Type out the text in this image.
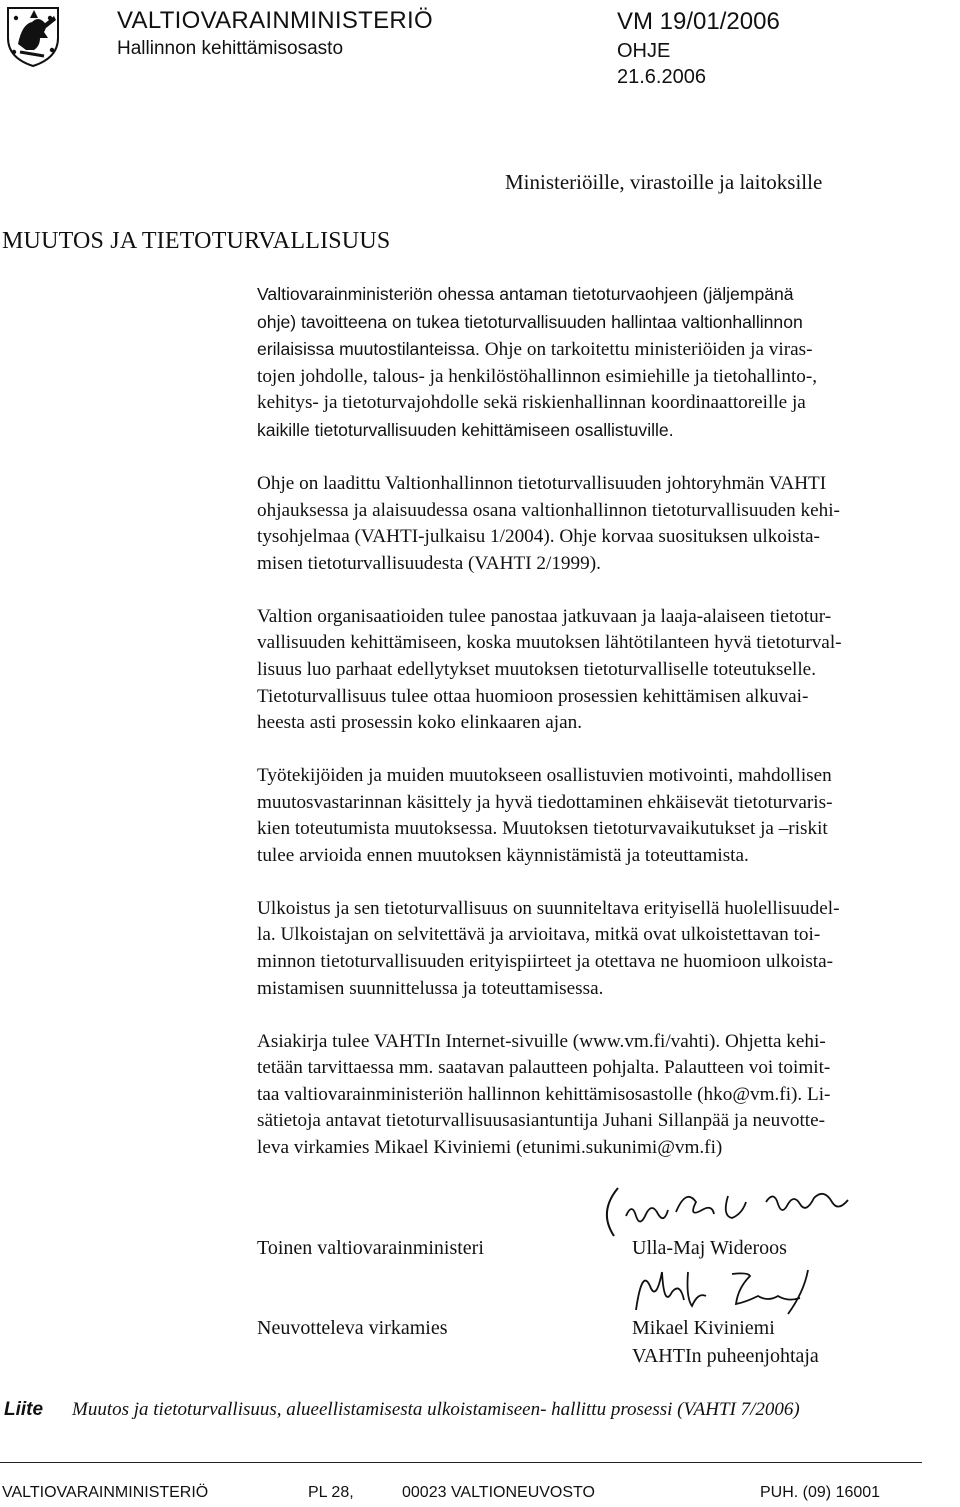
VALTIOVARAINMINISTERIÖ
Hallinnon kehittämisosasto
VM 19/01/2006
OHJE
21.6.2006
Ministeriöille, virastoille ja laitoksille
MUUTOS JA TIETOTURVALLISUUS

Valtiovarainministeriön ohessa antaman tietoturvaohjeen (jäljempänä
ohje) tavoitteena on tukea tietoturvallisuuden hallintaa valtionhallinnon
erilaisissa muutostilanteissa. Ohje on tarkoitettu ministeriöiden ja viras-
tojen johdolle, talous- ja henkilöstöhallinnon esimiehille ja tietohallinto-,
kehitys- ja tietoturvajohdolle sekä riskienhallinnan koordinaattoreille ja
kaikille tietoturvallisuuden kehittämiseen osallistuville.

Ohje on laadittu Valtionhallinnon tietoturvallisuuden johtoryhmän VAHTI
ohjauksessa ja alaisuudessa osana valtionhallinnon tietoturvallisuuden kehi-
tysohjelmaa (VAHTI-julkaisu 1/2004). Ohje korvaa suosituksen ulkoista-
misen tietoturvallisuudesta (VAHTI 2/1999).

Valtion organisaatioiden tulee panostaa jatkuvaan ja laaja-alaiseen tietotur-
vallisuuden kehittämiseen, koska muutoksen lähtötilanteen hyvä tietoturval-
lisuus luo parhaat edellytykset muutoksen tietoturvalliselle toteutukselle.
Tietoturvallisuus tulee ottaa huomioon prosessien kehittämisen alkuvai-
heesta asti prosessin koko elinkaaren ajan.

Työtekijöiden ja muiden muutokseen osallistuvien motivointi, mahdollisen
muutosvastarinnan käsittely ja hyvä tiedottaminen ehkäisevät tietoturvaris-
kien toteutumista muutoksessa. Muutoksen tietoturvavaikutukset ja –riskit
tulee arvioida ennen muutoksen käynnistämistä ja toteuttamista.

Ulkoistus ja sen tietoturvallisuus on suunniteltava erityisellä huolellisuudel-
la. Ulkoistajan on selvitettävä ja arvioitava, mitkä ovat ulkoistettavan toi-
minnon tietoturvallisuuden erityispiirteet ja otettava ne huomioon ulkoista-
mistamisen suunnittelussa ja toteuttamisessa.

Asiakirja tulee VAHTIn Internet-sivuille (www.vm.fi/vahti). Ohjetta kehi-
tetään tarvittaessa mm. saatavan palautteen pohjalta. Palautteen voi toimit-
taa valtiovarainministeriön hallinnon kehittämisosastolle (hko@vm.fi). Li-
sätietoja antavat tietoturvallisuusasiantuntija Juhani Sillanpää ja neuvotte-
leva virkamies Mikael Kiviniemi (etunimi.sukunimi@vm.fi)

Toinen valtiovarainministeri	Ulla-Maj Wideroos
Neuvotteleva virkamies	Mikael Kiviniemi
VAHTIn puheenjohtaja
Liite Muutos ja tietoturvallisuus, alueellistamisesta ulkoistamiseen- hallittu prosessi (VAHTI 7/2006)
VALTIOVARAINMINISTERIÖ	PL 28,	00023 VALTIONEUVOSTO	PUH. (09) 16001
